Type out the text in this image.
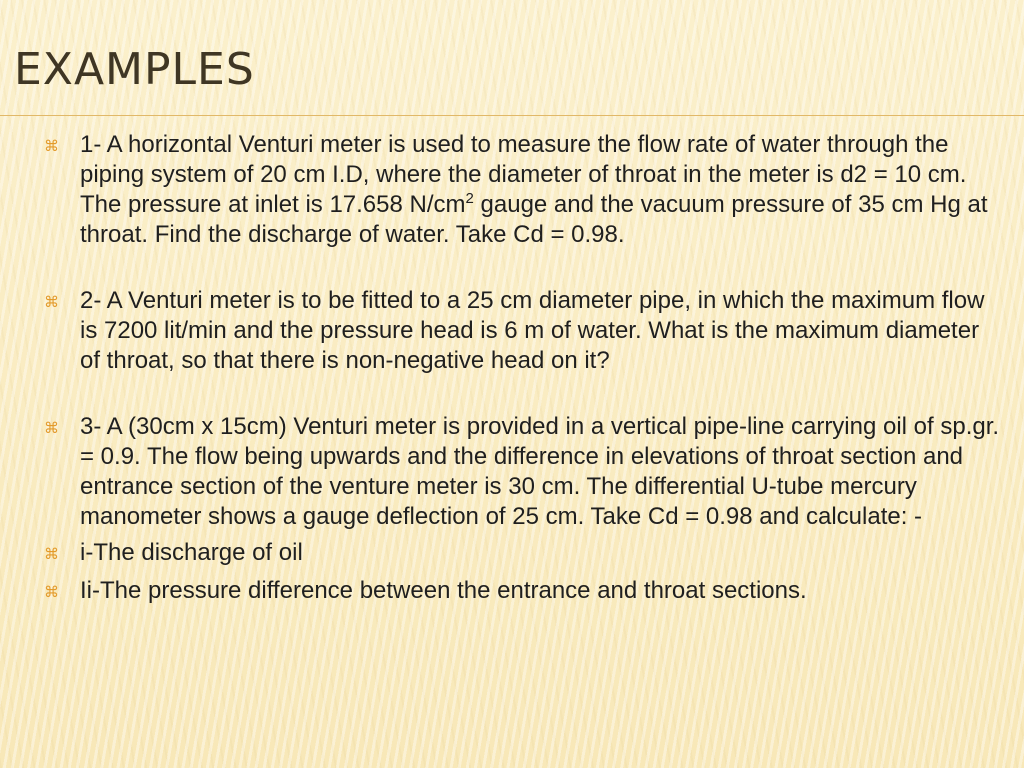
EXAMPLES
⌘ 1- A horizontal Venturi meter is used to measure the flow rate of water through the piping system of 20 cm I.D, where the diameter of throat in the meter is d2 = 10 cm. The pressure at inlet is 17.658 $N/cm^2$ gauge and the vacuum pressure of 35 cm Hg at throat. Find the discharge of water. Take Cd = 0.98.
⌘ 2- A Venturi meter is to be fitted to a 25 cm diameter pipe, in which the maximum flow is 7200 lit/min and the pressure head is 6 m of water. What is the maximum diameter of throat, so that there is non-negative head on it?
⌘ 3- A (30cm x 15cm) Venturi meter is provided in a vertical pipe-line carrying oil of sp.gr. = 0.9. The flow being upwards and the difference in elevations of throat section and entrance section of the venture meter is 30 cm. The differential U-tube mercury manometer shows a gauge deflection of 25 cm. Take Cd = 0.98 and calculate: -
⌘ i-The discharge of oil
⌘ Ii-The pressure difference between the entrance and throat sections.
